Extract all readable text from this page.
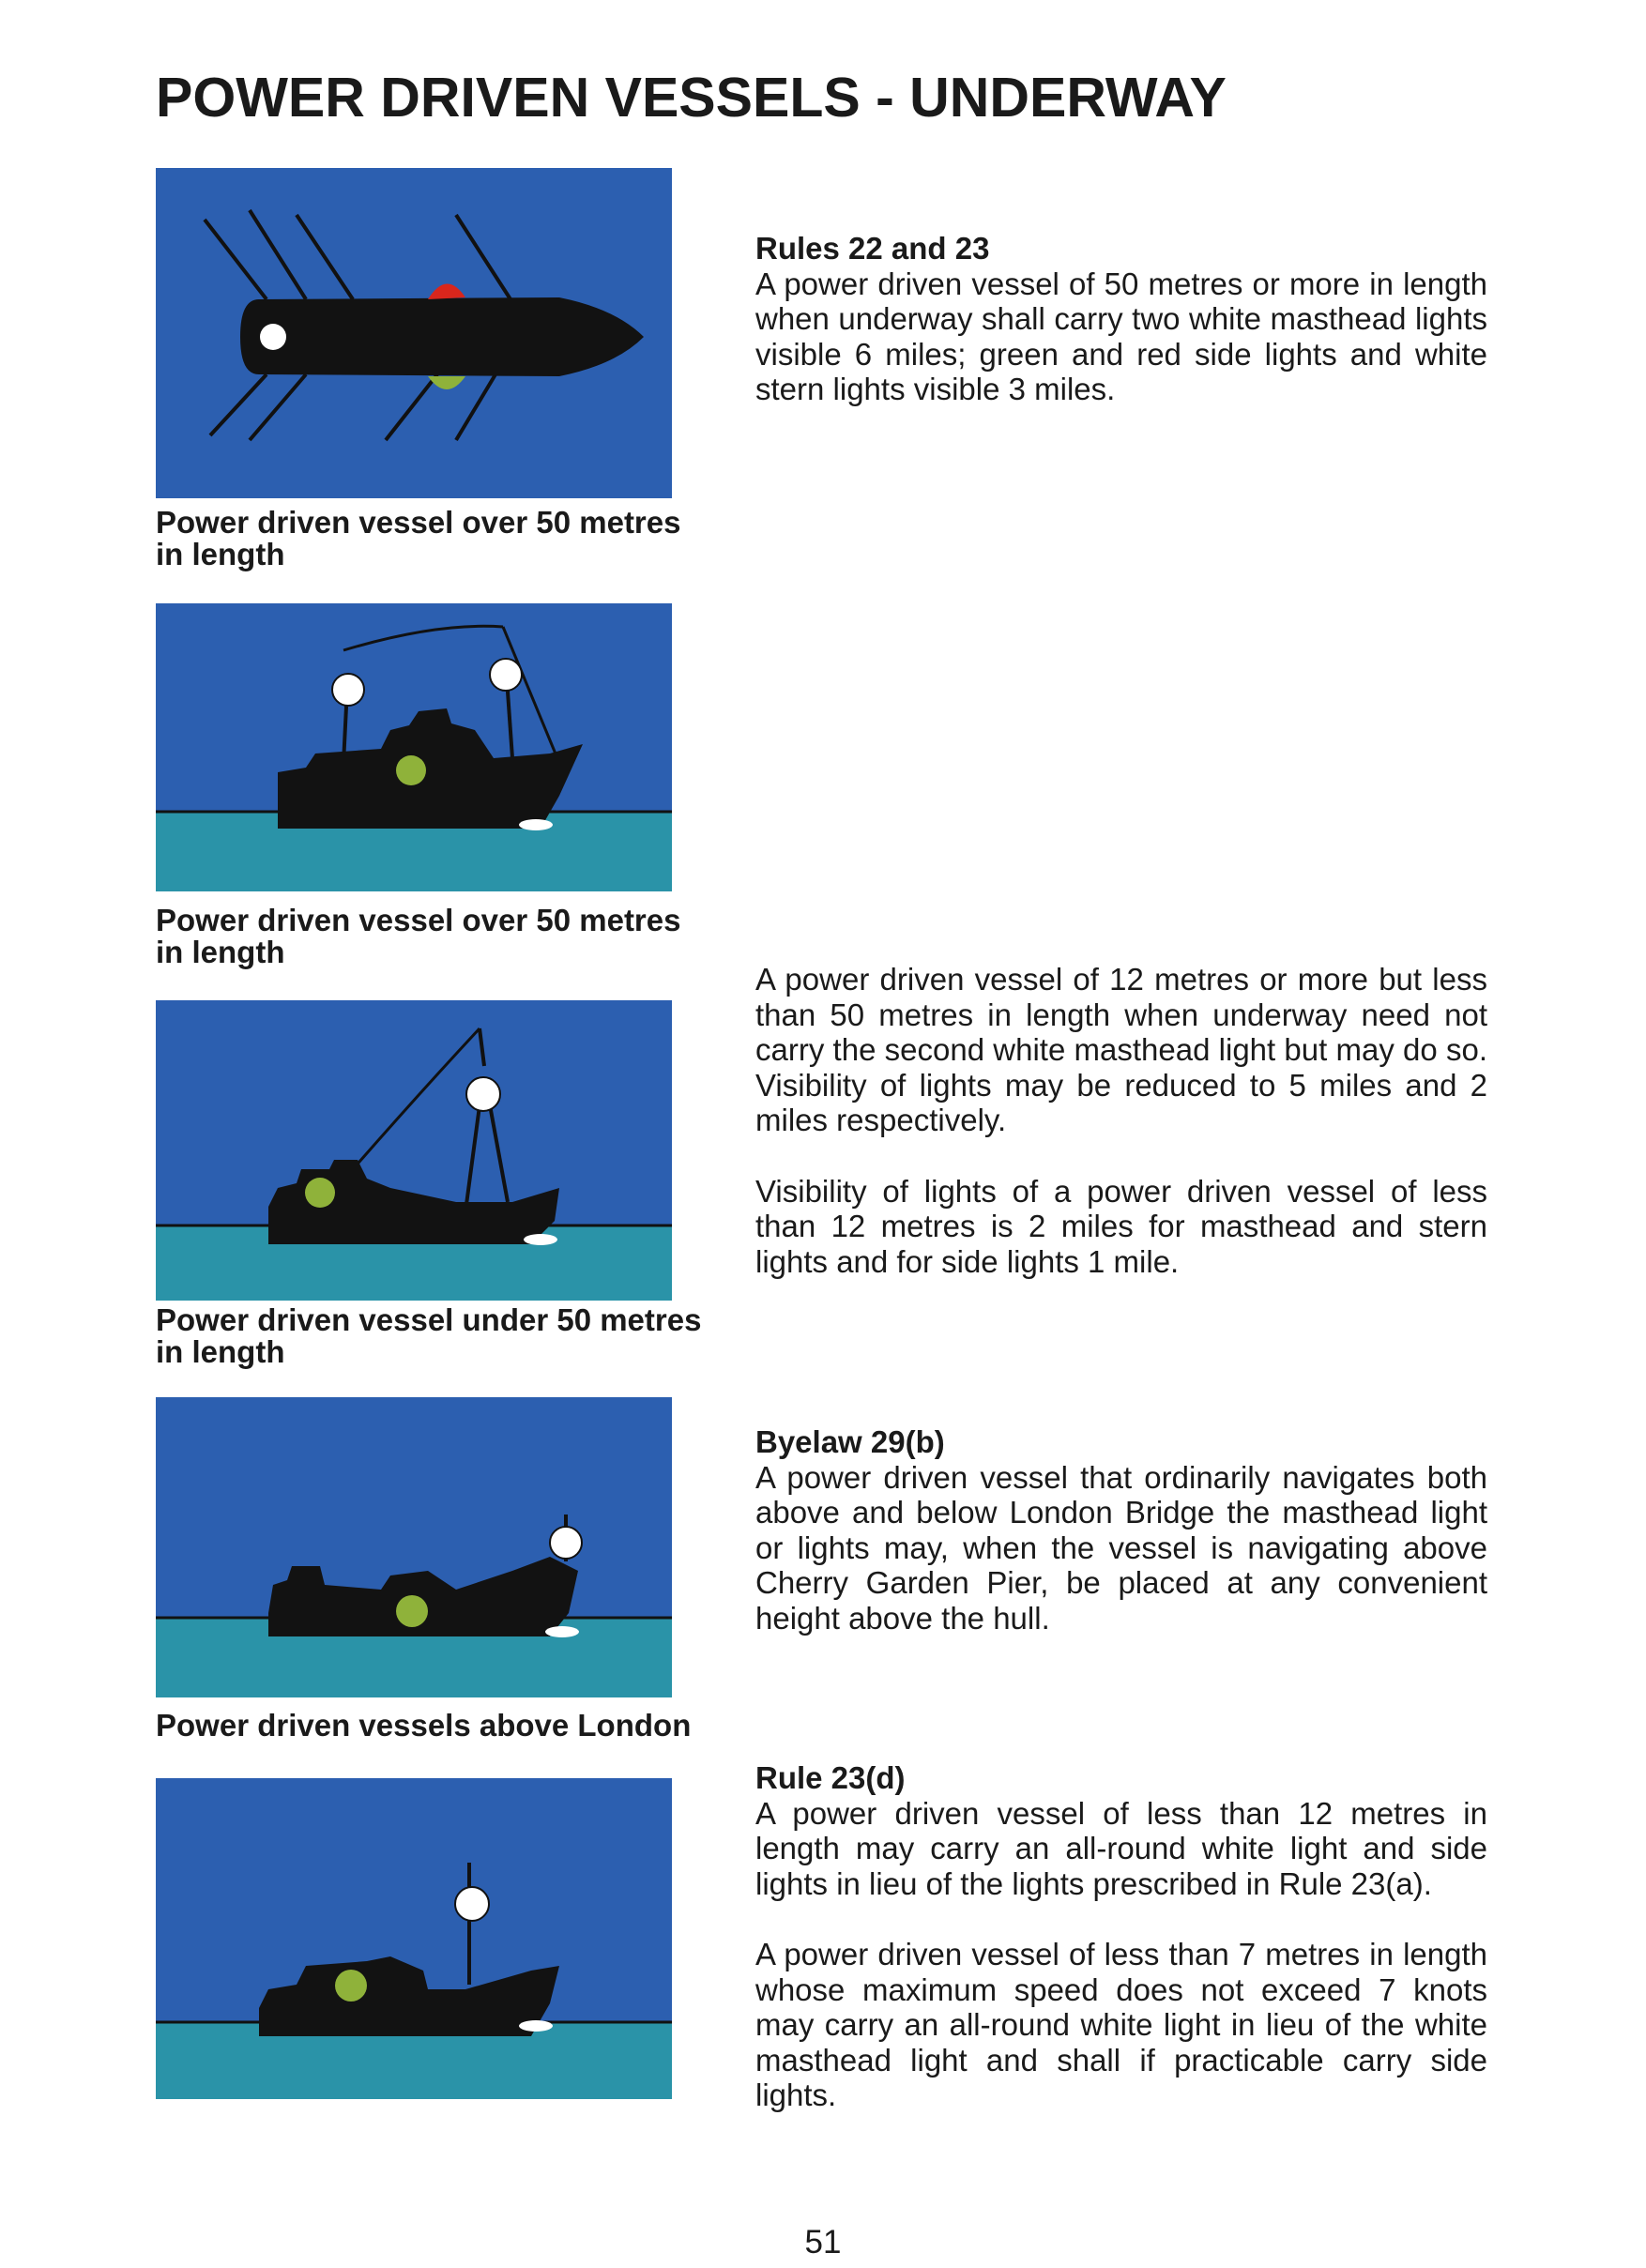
POWER DRIVEN VESSELS - UNDERWAY
Power driven vessel over 50 metres in length
Power driven vessel over 50 metres in length
Power driven vessel under 50 metres in length
Power driven vessels above London
Rules 22 and 23

A power driven vessel of 50 metres or more in length when underway shall carry two white masthead lights visible 6 miles; green and red side lights and white stern lights visible 3 miles.

A power driven vessel of 12 metres or more but less than 50 metres in length when underway need not carry the second white masthead light but may do so. Visibility of lights may be reduced to 5 miles and 2 miles respectively.

Visibility of lights of a power driven vessel of less than 12 metres is 2 miles for masthead and stern lights and for side lights 1 mile.

Byelaw 29(b)

A power driven vessel that ordinarily navigates both above and below London Bridge the masthead light or lights may, when the vessel is navigating above Cherry Garden Pier, be placed at any convenient height above the hull.

Rule 23(d)

A power driven vessel of less than 12 metres in length may carry an all-round white light and side lights in lieu of the lights prescribed in Rule 23(a).

A power driven vessel of less than 7 metres in length whose maximum speed does not exceed 7 knots may carry an all-round white light in lieu of the white masthead light and shall if practicable carry side lights.

51
